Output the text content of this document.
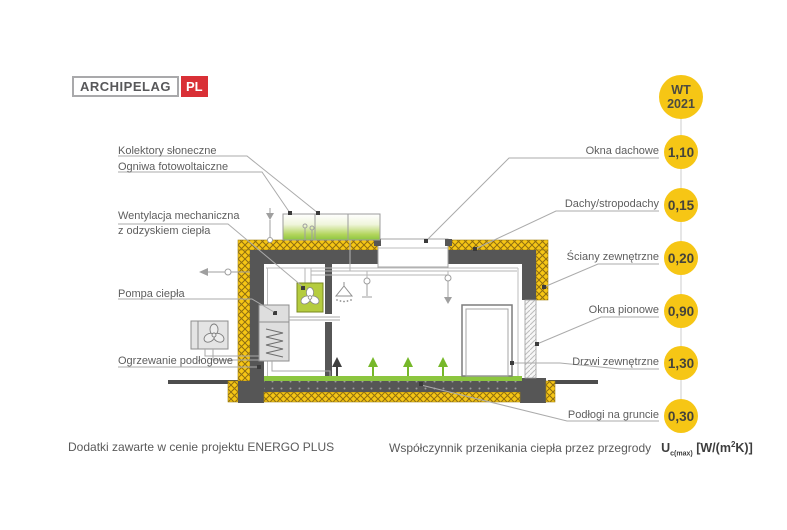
ARCHIPELAG	PL
Kolektory słoneczne
Ogniwa fotowoltaiczne
Wentylacja mechaniczna
z odzyskiem ciepła
Pompa ciepła
Ogrzewanie podłogowe
Okna dachowe
Dachy/stropodachy
Ściany zewnętrzne
Okna pionowe
Drzwi zewnętrzne
Podłogi na gruncie
WT
2021
1,10
0,15
0,20
0,90
1,30
0,30
Dodatki zawarte w cenie projektu ENERGO PLUS	Współczynnik przenikania ciepła przez przegrody $U_{c(max)}$ $[W/(m^2K)]$
